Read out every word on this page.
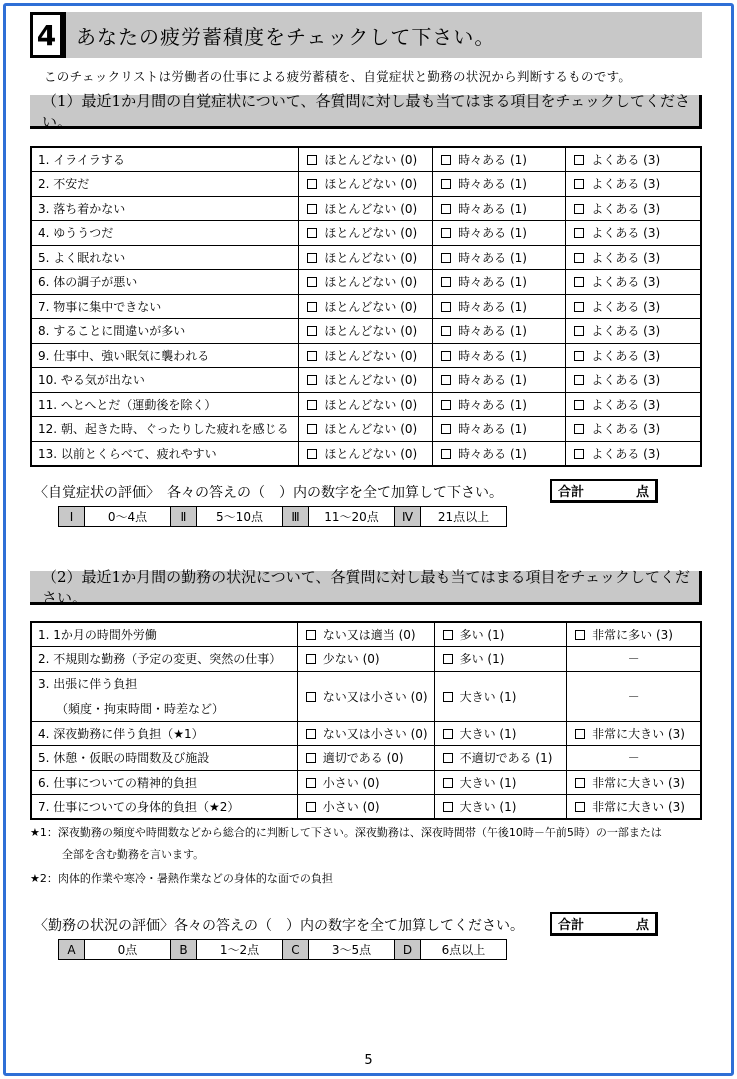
4 あなたの疲労蓄積度をチェックして下さい。
このチェックリストは労働者の仕事による疲労蓄積を、自覚症状と勤務の状況から判断するものです。
（1）最近1か月間の自覚症状について、各質問に対し最も当てはまる項目をチェックしてください。
1. イライラする	ほとんどない (0)	時々ある (1)	よくある (3)

2. 不安だ	ほとんどない (0)	時々ある (1)	よくある (3)

3. 落ち着かない	ほとんどない (0)	時々ある (1)	よくある (3)

4. ゆううつだ	ほとんどない (0)	時々ある (1)	よくある (3)

5. よく眠れない	ほとんどない (0)	時々ある (1)	よくある (3)

6. 体の調子が悪い	ほとんどない (0)	時々ある (1)	よくある (3)

7. 物事に集中できない	ほとんどない (0)	時々ある (1)	よくある (3)

8. することに間違いが多い	ほとんどない (0)	時々ある (1)	よくある (3)

9. 仕事中、強い眠気に襲われる	ほとんどない (0)	時々ある (1)	よくある (3)

10. やる気が出ない	ほとんどない (0)	時々ある (1)	よくある (3)

11. へとへとだ（運動後を除く）	ほとんどない (0)	時々ある (1)	よくある (3)

12. 朝、起きた時、ぐったりした疲れを感じる	ほとんどない (0)	時々ある (1)	よくある (3)

13. 以前とくらべて、疲れやすい	ほとんどない (0)	時々ある (1)	よくある (3)
〈自覚症状の評価〉　各々の答えの（　）内の数字を全て加算して下さい。	合計	点
Ⅰ	0～4点	Ⅱ	5～10点	Ⅲ	11～20点	Ⅳ	21点以上
（2）最近1か月間の勤務の状況について、各質問に対し最も当てはまる項目をチェックしてください。
1. 1か月の時間外労働	ない又は適当 (0)	多い (1)	非常に多い (3)

2. 不規則な勤務（予定の変更、突然の仕事）	少ない (0)	多い (1)	－

3. 出張に伴う負担
（頻度・拘束時間・時差など）	ない又は小さい (0)	大きい (1)	－

4. 深夜勤務に伴う負担（★1）	ない又は小さい (0)	大きい (1)	非常に大きい (3)

5. 休憩・仮眠の時間数及び施設	適切である (0)	不適切である (1)	－

6. 仕事についての精神的負担	小さい (0)	大きい (1)	非常に大きい (3)

7. 仕事についての身体的負担（★2）	小さい (0)	大きい (1)	非常に大きい (3)
★1：深夜勤務の頻度や時間数などから総合的に判断して下さい。深夜勤務は、深夜時間帯（午後10時－午前5時）の一部または
全部を含む勤務を言います。
★2：肉体的作業や寒冷・暑熱作業などの身体的な面での負担
〈勤務の状況の評価〉各々の答えの（　）内の数字を全て加算してください。	合計	点
A	0点	B	1～2点	C	3～5点	D	6点以上
5
